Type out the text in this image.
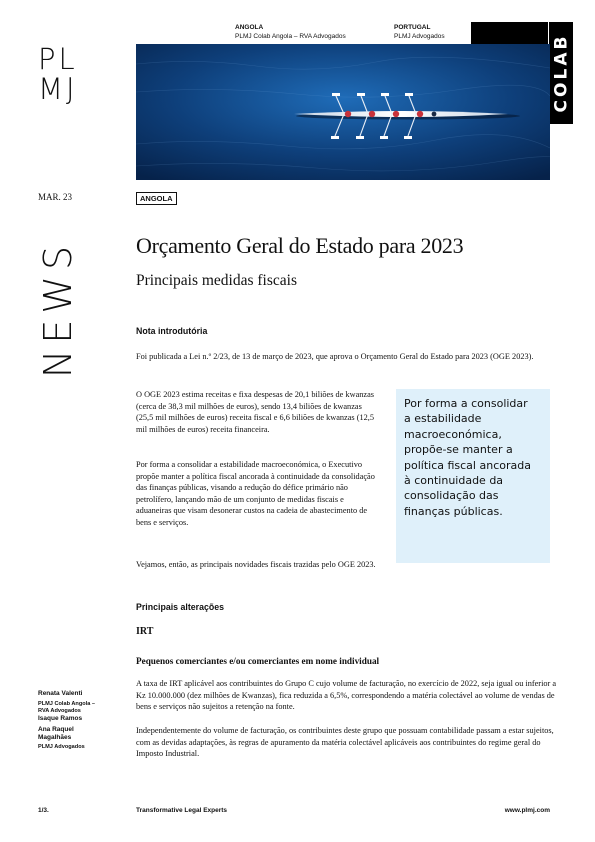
PL
MJ
ANGOLA
PLMJ Colab Angola – RVA Advogados
PORTUGAL
PLMJ Advogados	COLAB
MAR. 23	ANGOLA
NEWS	Orçamento Geral do Estado para 2023
Principais medidas fiscais
Nota introdutória
Foi publicada a Lei n.º 2/23, de 13 de março de 2023, que aprova o Orçamento Geral do Estado para 2023 (OGE 2023).
O OGE 2023 estima receitas e fixa despesas de 20,1 biliões de kwanzas (cerca de 38,3 mil milhões de euros), sendo 13,4 biliões de kwanzas (25,5 mil milhões de euros) receita fiscal e 6,6 biliões de kwanzas (12,5 mil milhões de euros) receita financeira.
Por forma a consolidar a estabilidade macroeconómica, o Executivo propõe manter a política fiscal ancorada à continuidade da consolidação das finanças públicas, visando a redução do défice primário não petrolífero, lançando mão de um conjunto de medidas fiscais e aduaneiras que visam desonerar custos na cadeia de abastecimento de bens e serviços.
Vejamos, então, as principais novidades fiscais trazidas pelo OGE 2023.

Por forma a consolidar a estabilidade macroeconómica, propõe-se manter a política fiscal ancorada à continuidade da consolidação das finanças públicas.

Principais alterações
IRT
Pequenos comerciantes e/ou comerciantes em nome individual
A taxa de IRT aplicável aos contribuintes do Grupo C cujo volume de facturação, no exercício de 2022, seja igual ou inferior a Kz 10.000.000 (dez milhões de Kwanzas), fica reduzida a 6,5%, correspondendo a matéria colectável ao volume de vendas de bens e serviços não sujeitos a retenção na fonte.
Independentemente do volume de facturação, os contribuintes deste grupo que possuam contabilidade passam a estar sujeitos, com as devidas adaptações, às regras de apuramento da matéria colectável aplicáveis aos contribuintes do regime geral do Imposto Industrial.
Renata Valenti
PLMJ Colab Angola – RVA Advogados
Isaque Ramos
Ana Raquel Magalhães
PLMJ Advogados
1/3.	Transformative Legal Experts	www.plmj.com
